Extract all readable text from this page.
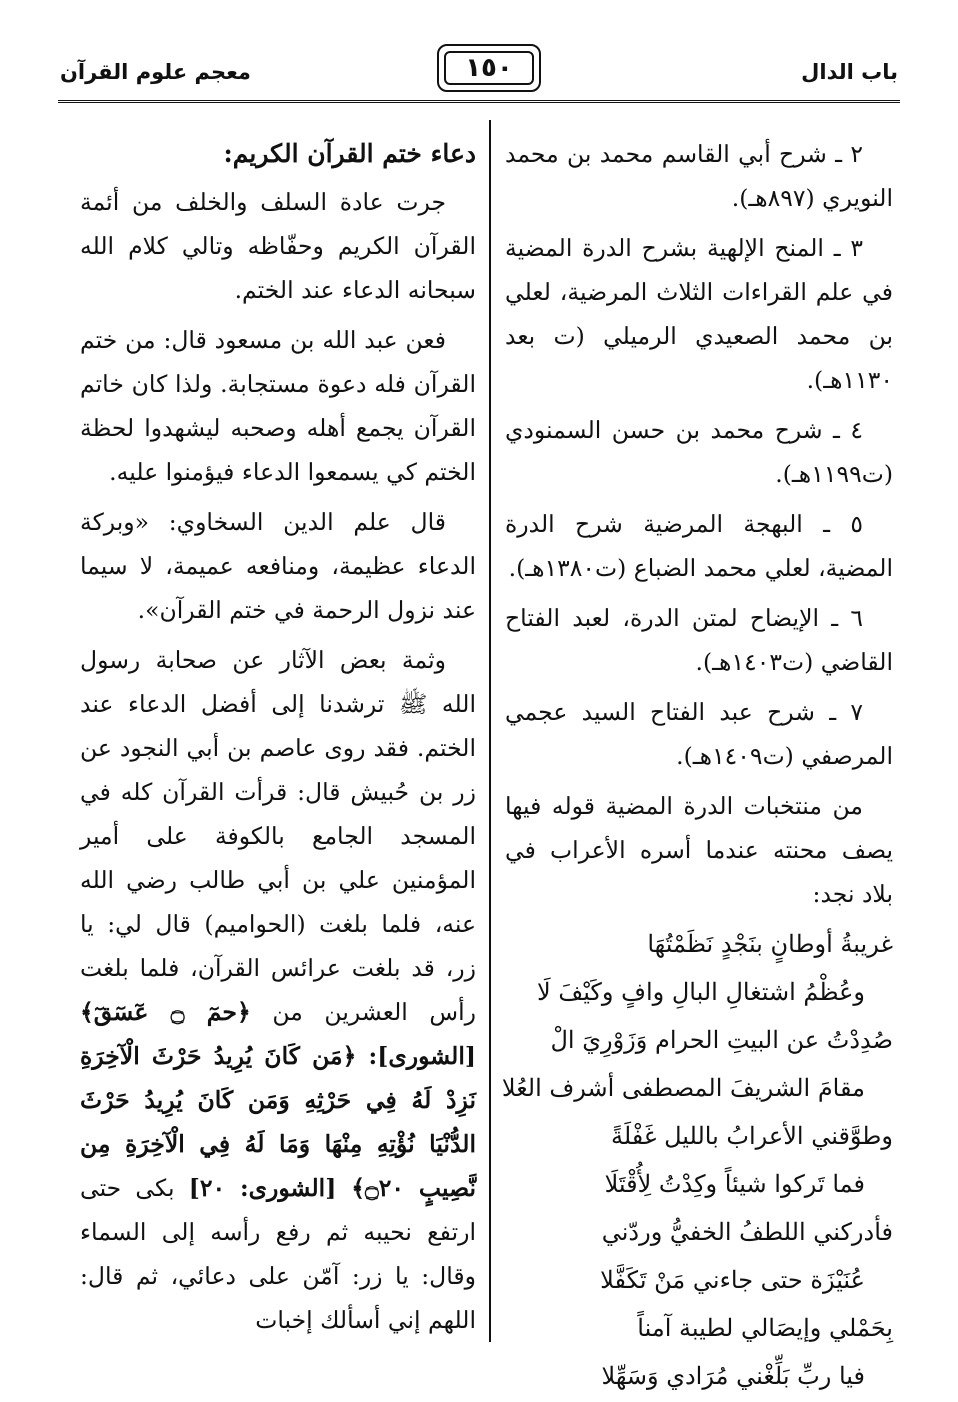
باب الدال
١٥٠
معجم علوم القرآن

٢ ـ شرح أبي القاسم محمد بن محمد النويري (٨٩٧هـ).

٣ ـ المنح الإلهية بشرح الدرة المضية في علم القراءات الثلاث المرضية، لعلي بن محمد الصعيدي الرميلي (ت بعد ١١٣٠هـ).

٤ ـ شرح محمد بن حسن السمنودي (ت١١٩٩هـ).

٥ ـ البهجة المرضية شرح الدرة المضية، لعلي محمد الضباع (ت١٣٨٠هـ).

٦ ـ الإيضاح لمتن الدرة، لعبد الفتاح القاضي (ت١٤٠٣هـ).

٧ ـ شرح عبد الفتاح السيد عجمي المرصفي (ت١٤٠٩هـ).

من منتخبات الدرة المضية قوله فيها يصف محنته عندما أسره الأعراب في بلاد نجد:

غريبةُ أوطانٍ بنَجْدٍ نَظَمْتُهَا
وعُظْمُ اشتغالِ البالِ وافٍ وكَيْفَ لَا
صُدِدْتُ عن البيتِ الحرام وَزَوْرِيَ الْ
مقامَ الشريفَ المصطفى أشرف العُلا
وطوَّقني الأعرابُ بالليل غَفْلَةً
فما تَركوا شيئاً وكِدْتُ لِأُقْتَلَا
فأدركني اللطفُ الخفيُّ وردّني
عُنَيْزَة حتى جاءني مَنْ تَكَفَّلا
بِحَمْلي وإيصَالي لطيبة آمناً
فيا ربِّ بَلِّغْني مُرَادي وَسَهِّلا
دعاء ختم القرآن الكريم:

جرت عادة السلف والخلف من أئمة القرآن الكريم وحفّاظه وتالي كلام الله سبحانه الدعاء عند الختم.

فعن عبد الله بن مسعود قال: من ختم القرآن فله دعوة مستجابة. ولذا كان خاتم القرآن يجمع أهله وصحبه ليشهدوا لحظة الختم كي يسمعوا الدعاء فيؤمنوا عليه.

قال علم الدين السخاوي: «وبركة الدعاء عظيمة، ومنافعه عميمة، لا سيما عند نزول الرحمة في ختم القرآن».

وثمة بعض الآثار عن صحابة رسول الله ﷺ ترشدنا إلى أفضل الدعاء عند الختم. فقد روى عاصم بن أبي النجود عن زر بن حُبيش قال: قرأت القرآن كله في المسجد الجامع بالكوفة على أمير المؤمنين علي بن أبي طالب رضي الله عنه، فلما بلغت (الحواميم) قال لي: يا زر، قد بلغت عرائس القرآن، فلما بلغت رأس العشرين من ﴿حمٓ ۝ عٓسٓقٓ﴾ [الشورى]: ﴿مَن كَانَ يُرِيدُ حَرْثَ الْآخِرَةِ نَزِدْ لَهُ فِي حَرْثِهِ وَمَن كَانَ يُرِيدُ حَرْثَ الدُّنْيَا نُؤْتِهِ مِنْهَا وَمَا لَهُ فِي الْآخِرَةِ مِن نَّصِيبٍ ۝٢٠﴾ [الشورى: ٢٠] بكى حتى ارتفع نحيبه ثم رفع رأسه إلى السماء وقال: يا زر: آمّن على دعائي، ثم قال: اللهم إني أسألك إخبات
